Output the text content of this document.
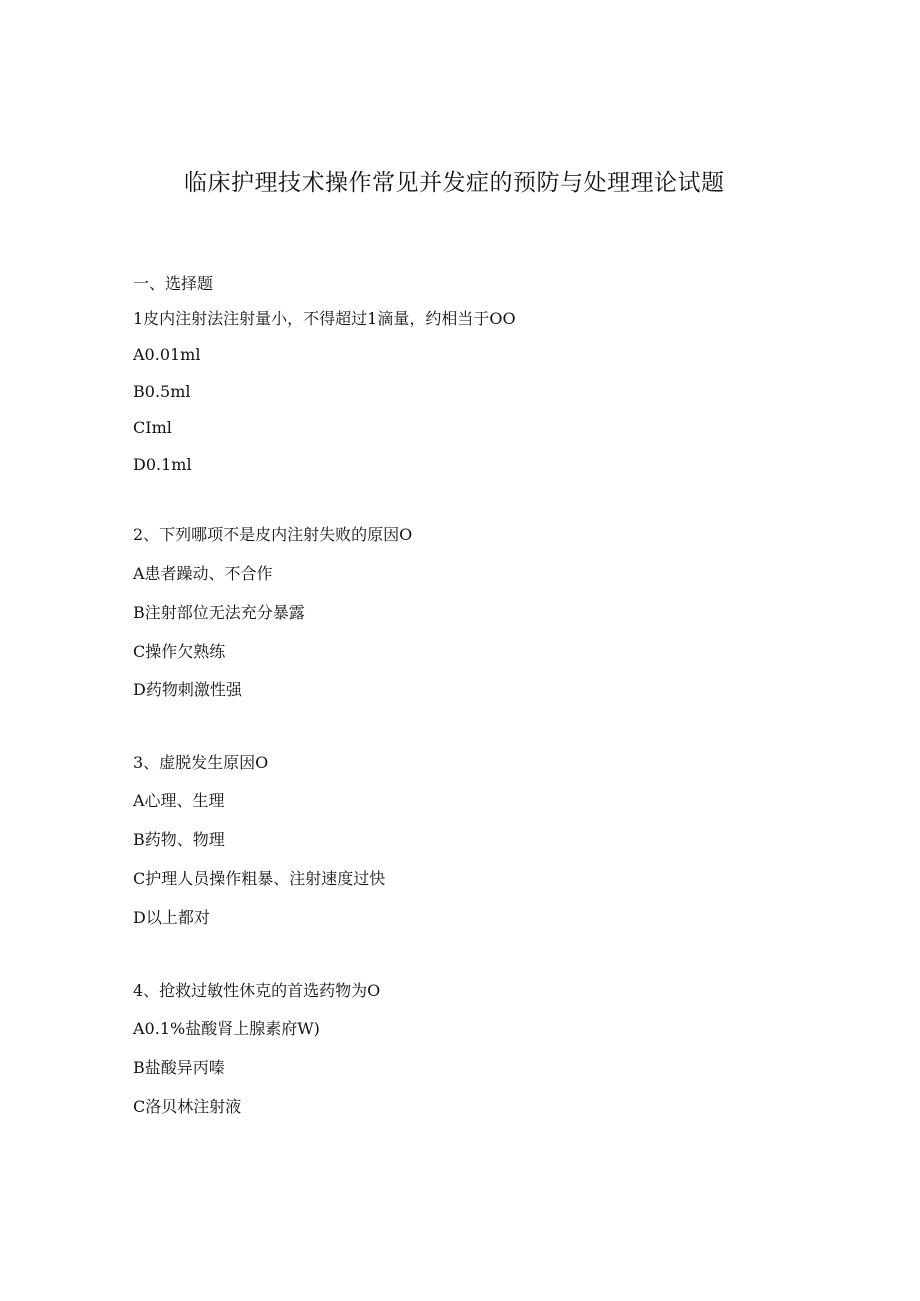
临床护理技术操作常见并发症的预防与处理理论试题
一、选择题
1皮内注射法注射量小，不得超过1滴量，约相当于OO
A0.01ml
B0.5ml
CIml
D0.1ml
2、下列哪项不是皮内注射失败的原因O
A患者躁动、不合作
B注射部位无法充分暴露
C操作欠熟练
D药物刺激性强
3、虚脱发生原因O
A心理、生理
B药物、物理
C护理人员操作粗暴、注射速度过快
D以上都对
4、抢救过敏性休克的首选药物为O
A0.1%盐酸肾上腺素府W)
B盐酸异丙嗪
C洛贝林注射液
